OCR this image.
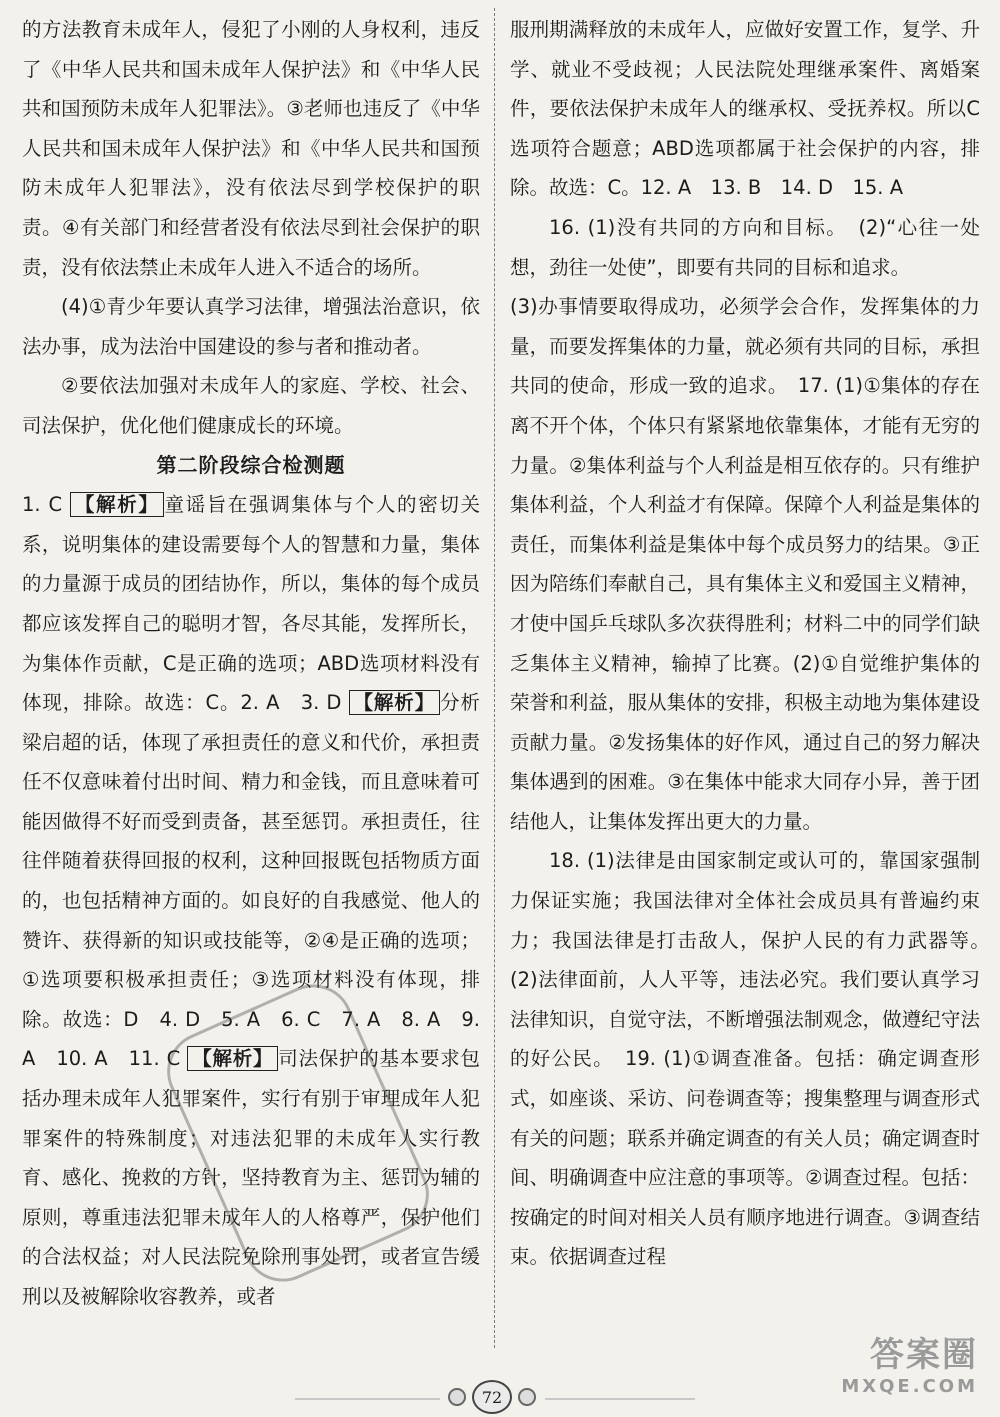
的方法教育未成年人，侵犯了小刚的人身权利，违反了《中华人民共和国未成年人保护法》和《中华人民共和国预防未成年人犯罪法》。③老师也违反了《中华人民共和国未成年人保护法》和《中华人民共和国预防未成年人犯罪法》，没有依法尽到学校保护的职责。④有关部门和经营者没有依法尽到社会保护的职责，没有依法禁止未成年人进入不适合的场所。

(4)①青少年要认真学习法律，增强法治意识，依法办事，成为法治中国建设的参与者和推动者。

②要依法加强对未成年人的家庭、学校、社会、司法保护，优化他们健康成长的环境。

第二阶段综合检测题

1. C 【解析】 童谣旨在强调集体与个人的密切关系，说明集体的建设需要每个人的智慧和力量，集体的力量源于成员的团结协作，所以，集体的每个成员都应该发挥自己的聪明才智，各尽其能，发挥所长，为集体作贡献，C是正确的选项；ABD选项材料没有体现，排除。故选：C。2. A　3. D 【解析】 分析梁启超的话，体现了承担责任的意义和代价，承担责任不仅意味着付出时间、精力和金钱，而且意味着可能因做得不好而受到责备，甚至惩罚。承担责任，往往伴随着获得回报的权利，这种回报既包括物质方面的，也包括精神方面的。如良好的自我感觉、他人的赞许、获得新的知识或技能等，②④是正确的选项；①选项要积极承担责任；③选项材料没有体现，排除。故选：D　4. D　5. A　6. C　7. A　8. A　9. A　10. A　11. C 【解析】 司法保护的基本要求包括办理未成年人犯罪案件，实行有别于审理成年人犯罪案件的特殊制度；对违法犯罪的未成年人实行教育、感化、挽救的方针，坚持教育为主、惩罚为辅的原则，尊重违法犯罪未成年人的人格尊严，保护他们的合法权益；对人民法院免除刑事处罚，或者宣告缓刑以及被解除收容教养，或者

服刑期满释放的未成年人，应做好安置工作，复学、升学、就业不受歧视；人民法院处理继承案件、离婚案件，要依法保护未成年人的继承权、受抚养权。所以C选项符合题意；ABD选项都属于社会保护的内容，排除。故选：C。12. A　13. B　14. D　15. A

16. (1)没有共同的方向和目标。　(2)“心往一处想，劲往一处使”，即要有共同的目标和追求。

(3)办事情要取得成功，必须学会合作，发挥集体的力量，而要发挥集体的力量，就必须有共同的目标，承担共同的使命，形成一致的追求。　17. (1)①集体的存在离不开个体，个体只有紧紧地依靠集体，才能有无穷的力量。②集体利益与个人利益是相互依存的。只有维护集体利益，个人利益才有保障。保障个人利益是集体的责任，而集体利益是集体中每个成员努力的结果。③正因为陪练们奉献自己，具有集体主义和爱国主义精神，才使中国乒乓球队多次获得胜利；材料二中的同学们缺乏集体主义精神，输掉了比赛。(2)①自觉维护集体的荣誉和利益，服从集体的安排，积极主动地为集体建设贡献力量。②发扬集体的好作风，通过自己的努力解决集体遇到的困难。③在集体中能求大同存小异，善于团结他人，让集体发挥出更大的力量。

18. (1)法律是由国家制定或认可的，靠国家强制力保证实施；我国法律对全体社会成员具有普遍约束力；我国法律是打击敌人，保护人民的有力武器等。　(2)法律面前，人人平等，违法必究。我们要认真学习法律知识，自觉守法，不断增强法制观念，做遵纪守法的好公民。　19. (1)①调查准备。包括：确定调查形式，如座谈、采访、问卷调查等；搜集整理与调查形式有关的问题；联系并确定调查的有关人员；确定调查时间、明确调查中应注意的事项等。②调查过程。包括：按确定的时间对相关人员有顺序地进行调查。③调查结束。依据调查过程

72
答案圈
MXQE.COM
